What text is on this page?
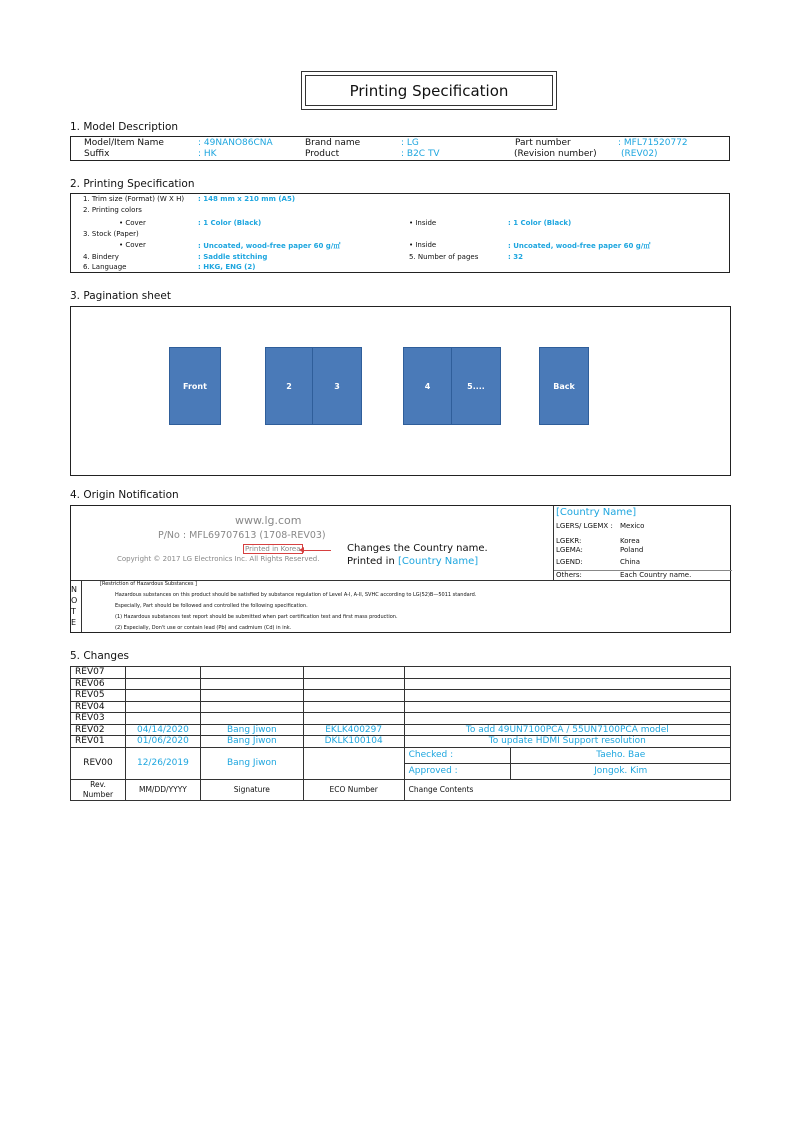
Printing Specification
1. Model Description
Model/Item Name	: 49NANO86CNA	Brand name	: LG	Part number	: MFL71520772
Suffix	: HK	Product	: B2C TV	(Revision number)	(REV02)
2. Printing Specification
1. Trim size (Format) (W X H) : 148 mm x 210 mm (A5)
2. Printing colors
• Cover	: 1 Color (Black)	• Inside	: 1 Color (Black)
3. Stock (Paper)
• Cover	: Uncoated, wood-free paper 60 g/㎡	• Inside	: Uncoated, wood-free paper 60 g/㎡
4. Bindery	: Saddle stitching	5. Number of pages	: 32
6. Language	: HKG, ENG (2)
3. Pagination sheet
Front	2	3	4	5....	Back
4. Origin Notification
www.lg.com
P/No : MFL69707613 (1708-REV03)
Printed in Korea
Copyright © 2017 LG Electronics Inc. All Rights Reserved.
Changes the Country name.
Printed in [Country Name]
[Country Name]
LGERS/ LGEMX : Mexico
LGEKR:	Korea
LGEMA:	Poland
LGEND:	China
Others:	Each Country name.
N
O
T
E
[Restriction of Hazardous Substances ]
Hazardous substances on this product should be satisfied by substance regulation of Level A-I, A-II, SVHC according to LG(52)B—5011 standard.
Especially, Part should be followed and controlled the following specification.
(1) Hazardous substances test report should be submitted when part certification test and first mass production.
(2) Especially, Don't use or contain lead (Pb) and cadmium (Cd) in ink.
5. Changes
REV07					
REV06					
REV05					
REV04					
REV03					
REV02	04/14/2020	Bang Jiwon	EKLK400297	To add 49UN7100PCA / 55UN7100PCA model	
REV01	01/06/2020	Bang Jiwon	DKLK100104	To update HDMI Support resolution	
REV00	12/26/2019	Bang Jiwon		Checked :	Taeho. Bae
				Approved :	Jongok. Kim
Rev. Number	MM/DD/YYYY	Signature	ECO Number	Change Contents	
